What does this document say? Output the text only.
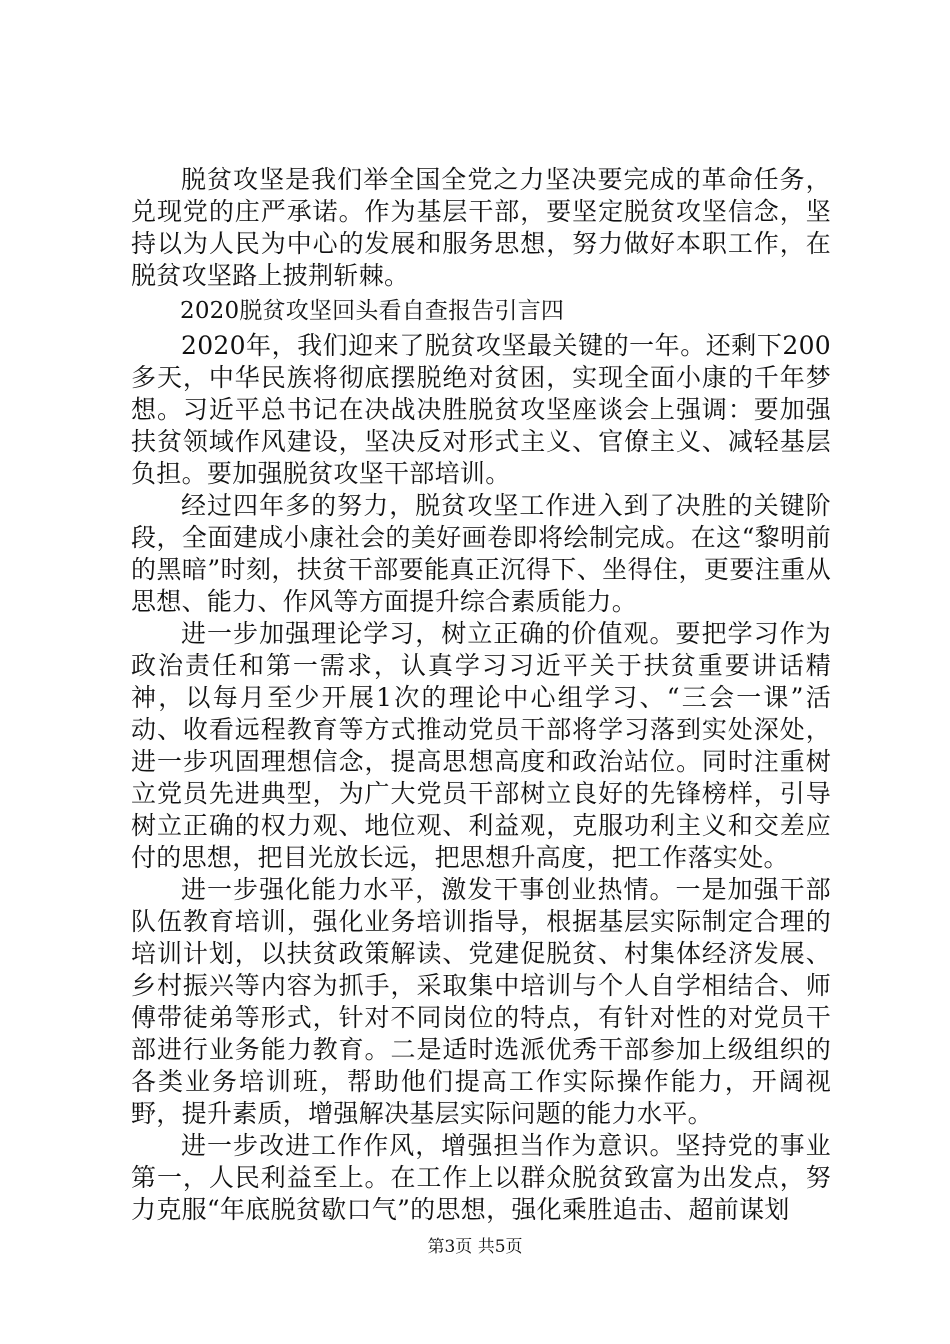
脱贫攻坚是我们举全国全党之力坚决要完成的革命任务，兑现党的庄严承诺。作为基层干部，要坚定脱贫攻坚信念，坚持以为人民为中心的发展和服务思想，努力做好本职工作，在脱贫攻坚路上披荆斩棘。

2020脱贫攻坚回头看自查报告引言四

2020年，我们迎来了脱贫攻坚最关键的一年。还剩下200多天，中华民族将彻底摆脱绝对贫困，实现全面小康的千年梦想。习近平总书记在决战决胜脱贫攻坚座谈会上强调：要加强扶贫领域作风建设，坚决反对形式主义、官僚主义、减轻基层负担。要加强脱贫攻坚干部培训。

经过四年多的努力，脱贫攻坚工作进入到了决胜的关键阶段，全面建成小康社会的美好画卷即将绘制完成。在这“黎明前的黑暗”时刻，扶贫干部要能真正沉得下、坐得住，更要注重从思想、能力、作风等方面提升综合素质能力。

进一步加强理论学习，树立正确的价值观。要把学习作为政治责任和第一需求，认真学习习近平关于扶贫重要讲话精神，以每月至少开展1次的理论中心组学习、“三会一课”活动、收看远程教育等方式推动党员干部将学习落到实处深处，进一步巩固理想信念，提高思想高度和政治站位。同时注重树立党员先进典型，为广大党员干部树立良好的先锋榜样，引导树立正确的权力观、地位观、利益观，克服功利主义和交差应付的思想，把目光放长远，把思想升高度，把工作落实处。

进一步强化能力水平，激发干事创业热情。一是加强干部队伍教育培训，强化业务培训指导，根据基层实际制定合理的培训计划，以扶贫政策解读、党建促脱贫、村集体经济发展、乡村振兴等内容为抓手，采取集中培训与个人自学相结合、师傅带徒弟等形式，针对不同岗位的特点，有针对性的对党员干部进行业务能力教育。二是适时选派优秀干部参加上级组织的各类业务培训班，帮助他们提高工作实际操作能力，开阔视野，提升素质，增强解决基层实际问题的能力水平。

进一步改进工作作风，增强担当作为意识。坚持党的事业第一，人民利益至上。在工作上以群众脱贫致富为出发点，努力克服“年底脱贫歇口气”的思想，强化乘胜追击、超前谋划

第3页 共5页
